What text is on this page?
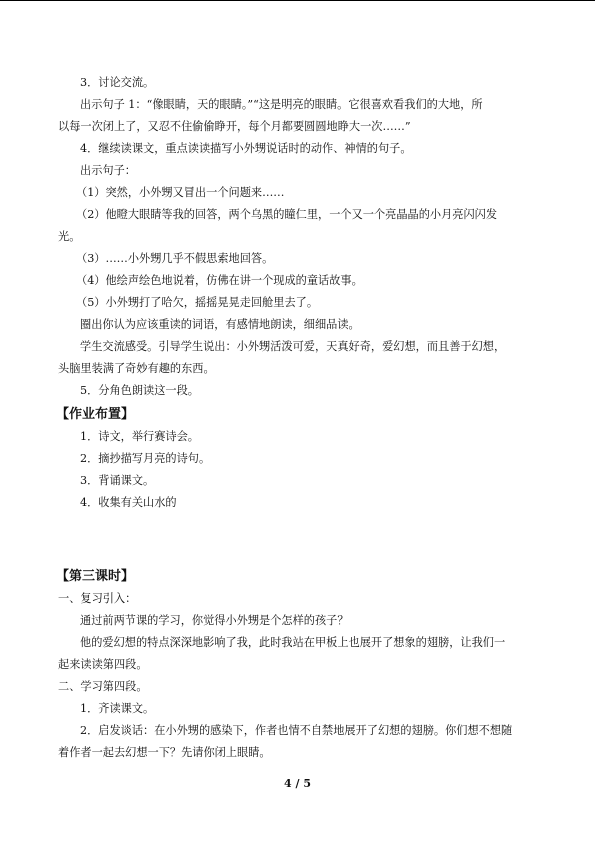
3．讨论交流。

出示句子 1：“像眼睛，天的眼睛。”“这是明亮的眼睛。它很喜欢看我们的大地，所

以每一次闭上了，又忍不住偷偷睁开，每个月都要圆圆地睁大一次……”

4．继续读课文，重点读读描写小外甥说话时的动作、神情的句子。

出示句子：

（1）突然，小外甥又冒出一个问题来……

（2）他瞪大眼睛等我的回答，两个乌黑的瞳仁里，一个又一个亮晶晶的小月亮闪闪发

光。

（3）……小外甥几乎不假思索地回答。

（4）他绘声绘色地说着，仿佛在讲一个现成的童话故事。

（5）小外甥打了哈欠，摇摇晃晃走回舱里去了。

圈出你认为应该重读的词语，有感情地朗读，细细品读。

学生交流感受。引导学生说出：小外甥活泼可爱，天真好奇，爱幻想，而且善于幻想，

头脑里装满了奇妙有趣的东西。

5．分角色朗读这一段。

【作业布置】

1．诗文，举行赛诗会。

2．摘抄描写月亮的诗句。

3．背诵课文。

4．收集有关山水的

【第三课时】

一、复习引入：

通过前两节课的学习，你觉得小外甥是个怎样的孩子？

他的爱幻想的特点深深地影响了我，此时我站在甲板上也展开了想象的翅膀，让我们一

起来读读第四段。

二、学习第四段。

1．齐读课文。

2．启发谈话：在小外甥的感染下，作者也情不自禁地展开了幻想的翅膀。你们想不想随

着作者一起去幻想一下？先请你闭上眼睛。

4 / 5
